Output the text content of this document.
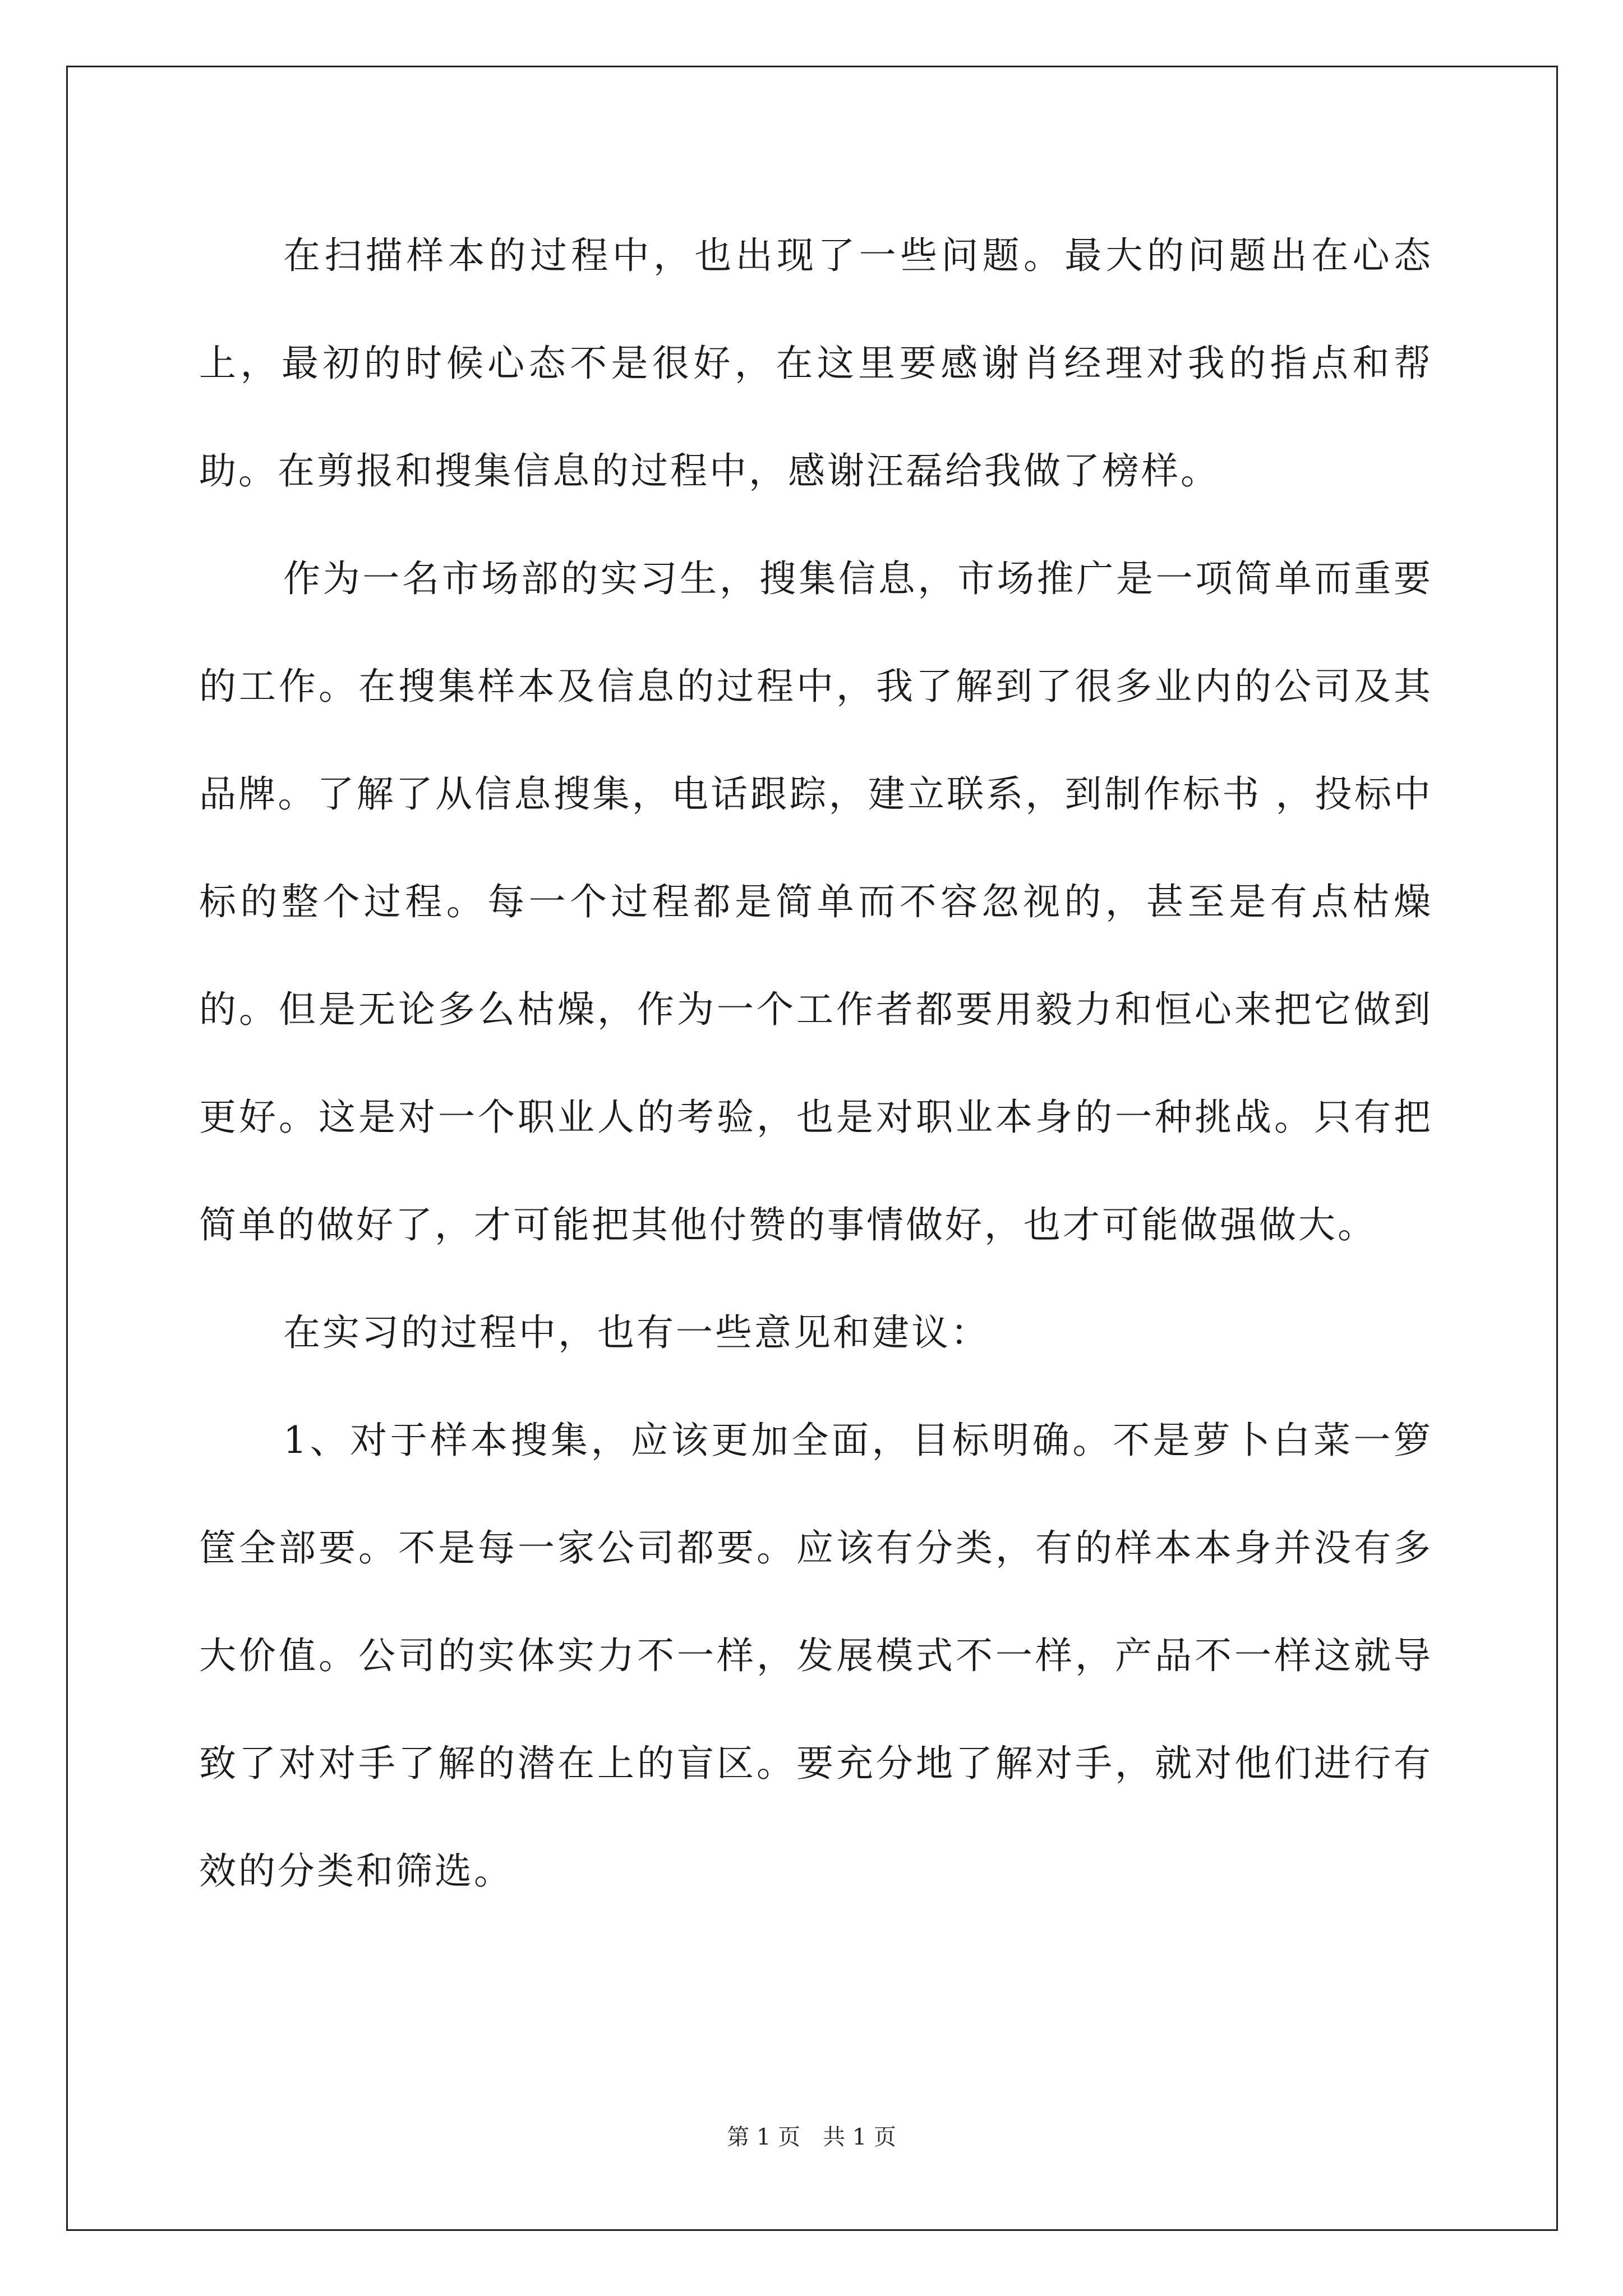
在扫描样本的过程中，也出现了一些问题。最大的问题出在心态上，最初的时候心态不是很好，在这里要感谢肖经理对我的指点和帮助。在剪报和搜集信息的过程中，感谢汪磊给我做了榜样。

作为一名市场部的实习生，搜集信息，市场推广是一项简单而重要的工作。在搜集样本及信息的过程中，我了解到了很多业内的公司及其品牌。了解了从信息搜集，电话跟踪，建立联系，到制作标书 ，投标中标的整个过程。每一个过程都是简单而不容忽视的，甚至是有点枯燥的。但是无论多么枯燥，作为一个工作者都要用毅力和恒心来把它做到更好。这是对一个职业人的考验，也是对职业本身的一种挑战。只有把简单的做好了，才可能把其他付赞的事情做好，也才可能做强做大。

在实习的过程中，也有一些意见和建议：

1、对于样本搜集，应该更加全面，目标明确。不是萝卜白菜一箩筐全部要。不是每一家公司都要。应该有分类，有的样本本身并没有多大价值。公司的实体实力不一样，发展模式不一样，产品不一样这就导致了对对手了解的潜在上的盲区。要充分地了解对手，就对他们进行有效的分类和筛选。

第 1 页 共 1 页
